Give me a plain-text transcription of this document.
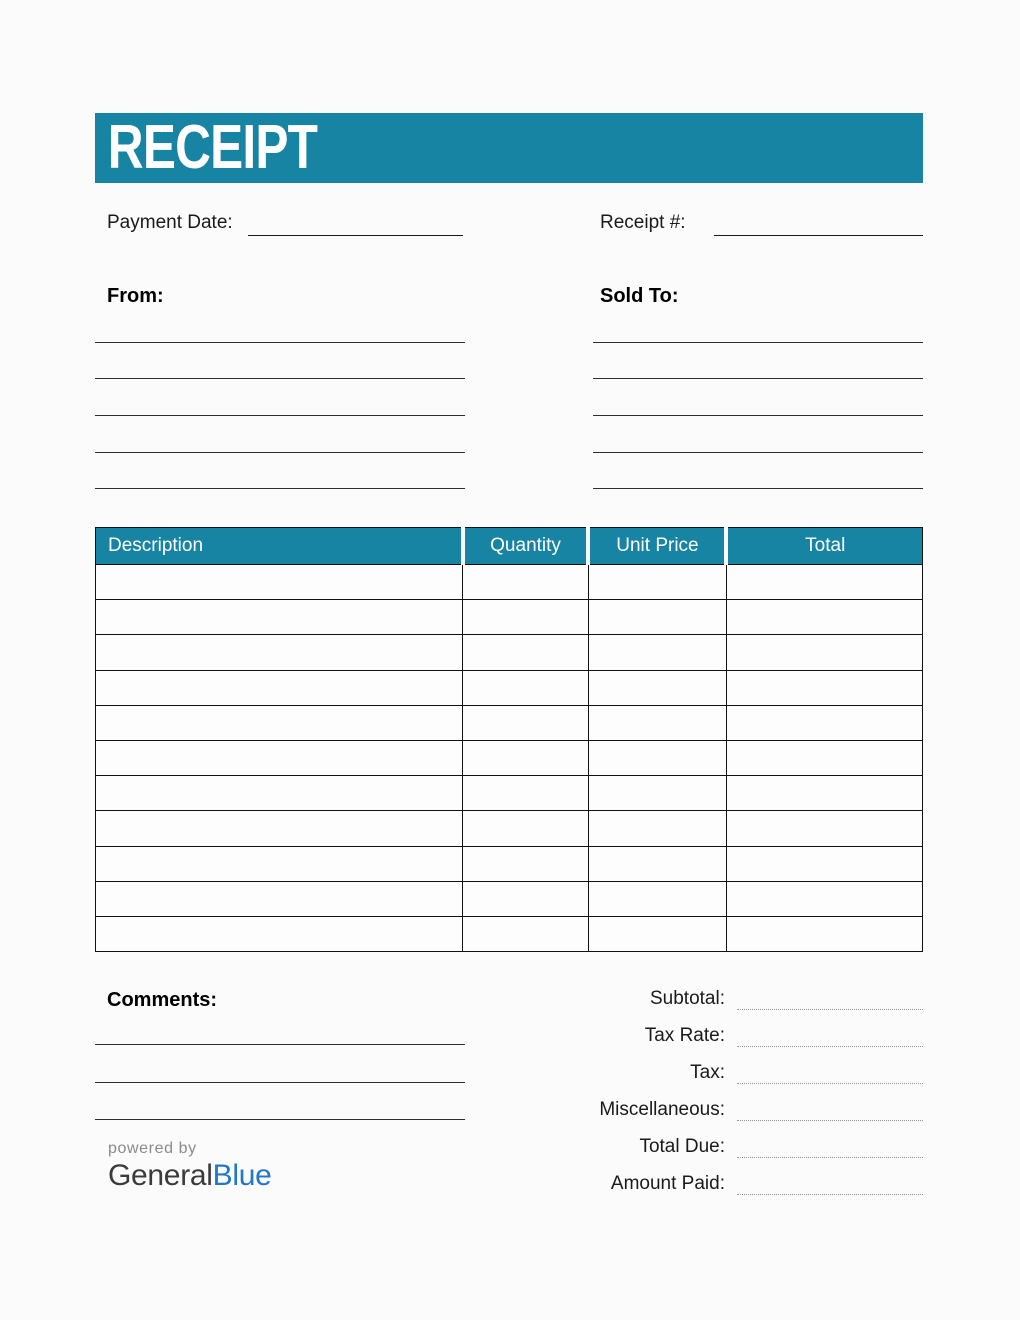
RECEIPT
Payment Date:	Receipt #:
From:	Sold To:
Description	Quantity	Unit Price	Total

Comments:	Subtotal:
Tax Rate:
Tax:
Miscellaneous:
Total Due:
Amount Paid:
powered by
GeneralBlue
